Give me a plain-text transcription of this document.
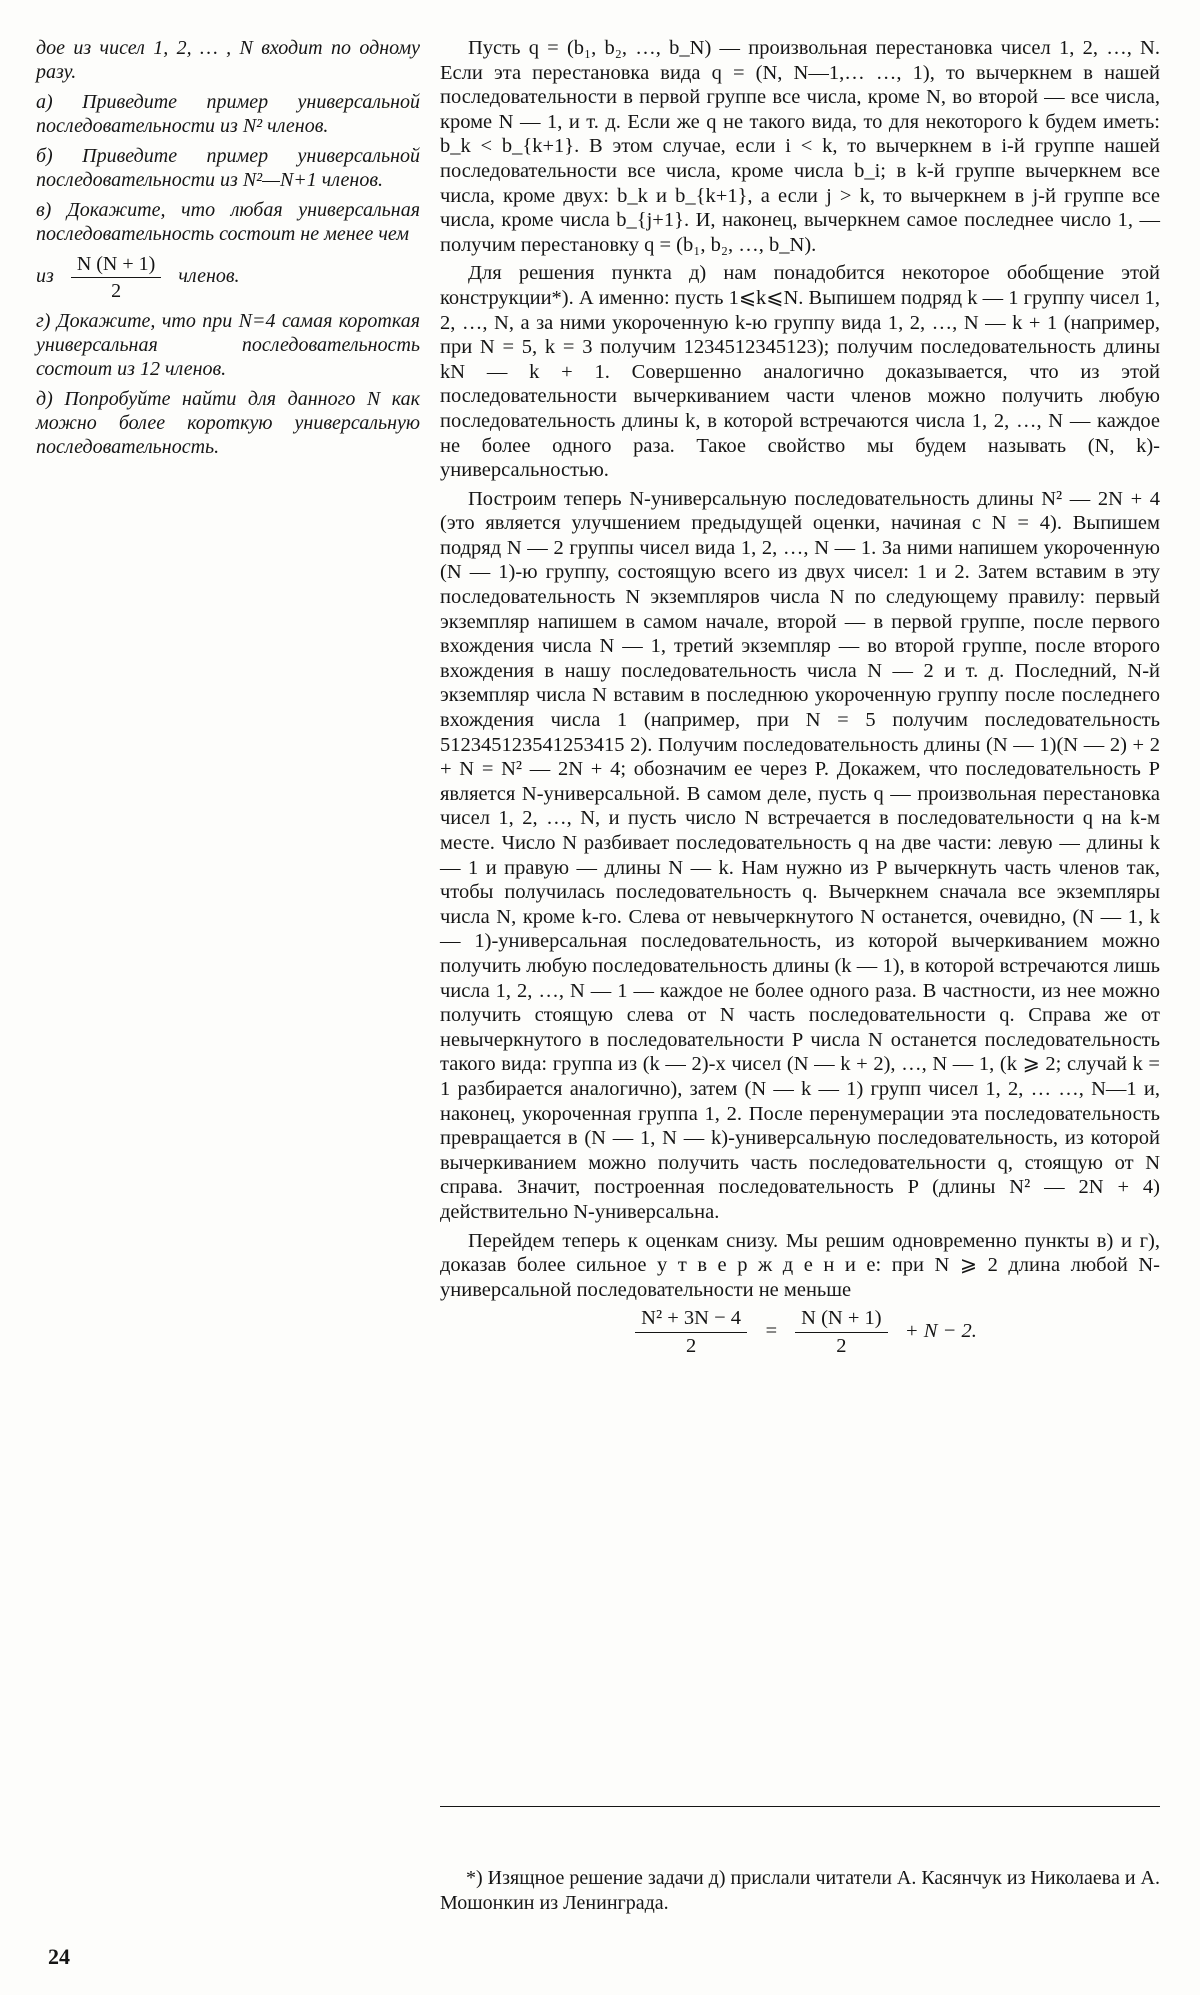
дое из чисел 1, 2, … , N входит по одному разу.

а) Приведите пример универсальной последовательности из N² членов.

б) Приведите пример универсальной последовательности из N²—N+1 членов.

в) Докажите, что любая универсальная последовательность состоит не менее чем

из $\frac{N (N + 1)}{2}$ членов.

г) Докажите, что при N=4 самая короткая универсальная последовательность состоит из 12 членов.

д) Попробуйте найти для данного N как можно более короткую универсальную последовательность.

Пусть q = (b₁, b₂, …, b_N) — произвольная перестановка чисел 1, 2, …, N. Если эта перестановка вида q = (N, N—1,… …, 1), то вычеркнем в нашей последовательности в первой группе все числа, кроме N, во второй — все числа, кроме N — 1, и т. д. Если же q не такого вида, то для некоторого k будем иметь: b_k < b_{k+1}. В этом случае, если i < k, то вычеркнем в i-й группе нашей последовательности все числа, кроме числа b_i; в k-й группе вычеркнем все числа, кроме двух: b_k и b_{k+1}, а если j > k, то вычеркнем в j-й группе все числа, кроме числа b_{j+1}. И, наконец, вычеркнем самое последнее число 1, — получим перестановку q = (b₁, b₂, …, b_N).

Для решения пункта д) нам понадобится некоторое обобщение этой конструкции*). А именно: пусть 1⩽k⩽N. Выпишем подряд k — 1 группу чисел 1, 2, …, N, а за ними укороченную k-ю группу вида 1, 2, …, N — k + 1 (например, при N = 5, k = 3 получим 1234512345123); получим последовательность длины kN — k + 1. Совершенно аналогично доказывается, что из этой последовательности вычеркиванием части членов можно получить любую последовательность длины k, в которой встречаются числа 1, 2, …, N — каждое не более одного раза. Такое свойство мы будем называть (N, k)-универсальностью.

Построим теперь N-универсальную последовательность длины N² — 2N + 4 (это является улучшением предыдущей оценки, начиная с N = 4). Выпишем подряд N — 2 группы чисел вида 1, 2, …, N — 1. За ними напишем укороченную (N — 1)-ю группу, состоящую всего из двух чисел: 1 и 2. Затем вставим в эту последовательность N экземпляров числа N по следующему правилу: первый экземпляр напишем в самом начале, второй — в первой группе, после первого вхождения числа N — 1, третий экземпляр — во второй группе, после второго вхождения в нашу последовательность числа N — 2 и т. д. Последний, N-й экземпляр числа N вставим в последнюю укороченную группу после последнего вхождения числа 1 (например, при N = 5 получим последовательность 512345123541253415 2). Получим последовательность длины (N — 1)(N — 2) + 2 + N = N² — 2N + 4; обозначим ее через P. Докажем, что последовательность P является N-универсальной. В самом деле, пусть q — произвольная перестановка чисел 1, 2, …, N, и пусть число N встречается в последовательности q на k-м месте. Число N разбивает последовательность q на две части: левую — длины k — 1 и правую — длины N — k. Нам нужно из P вычеркнуть часть членов так, чтобы получилась последовательность q. Вычеркнем сначала все экземпляры числа N, кроме k-го. Слева от невычеркнутого N останется, очевидно, (N — 1, k — 1)-универсальная последовательность, из которой вычеркиванием можно получить любую последовательность длины (k — 1), в которой встречаются лишь числа 1, 2, …, N — 1 — каждое не более одного раза. В частности, из нее можно получить стоящую слева от N часть последовательности q. Справа же от невычеркнутого в последовательности P числа N останется последовательность такого вида: группа из (k — 2)-х чисел (N — k + 2), …, N — 1, (k ⩾ 2; случай k = 1 разбирается аналогично), затем (N — k — 1) групп чисел 1, 2, … …, N—1 и, наконец, укороченная группа 1, 2. После перенумерации эта последовательность превращается в (N — 1, N — k)-универсальную последовательность, из которой вычеркиванием можно получить часть последовательности q, стоящую от N справа. Значит, построенная последовательность P (длины N² — 2N + 4) действительно N-универсальна.

Перейдем теперь к оценкам снизу. Мы решим одновременно пункты в) и г), доказав более сильное у т в е р ж д е н и е: при N ⩾ 2 длина любой N-универсальной последовательности не меньше

$\frac{\text{N² + 3N − 4}}{2} = \frac{N (N + 1)}{2} + N - 2$.

*) Изящное решение задачи д) прислали читатели А. Касянчук из Николаева и А. Мошонкин из Ленинграда.
24
